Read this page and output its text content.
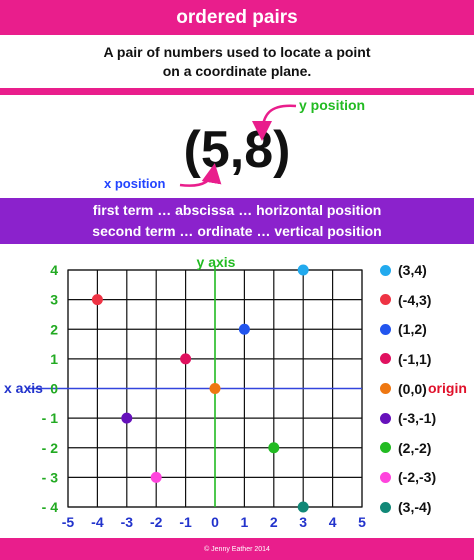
ordered pairs
A pair of numbers used to locate a point
on a coordinate plane.
(5,8)
y position
x position
first term … abscissa … horizontal position
second term … ordinate … vertical position
-5 -4 -3 -2 -1 0 1 2 3 4 5
4
3
2
1
0
- 1
- 2
- 3
- 4
y axis
x axis
(3,4)
(-4,3)
(1,2)
(-1,1)
(0,0)
(-3,-1)
(2,-2)
(-2,-3)
(3,-4)
origin
© Jenny Eather 2014
